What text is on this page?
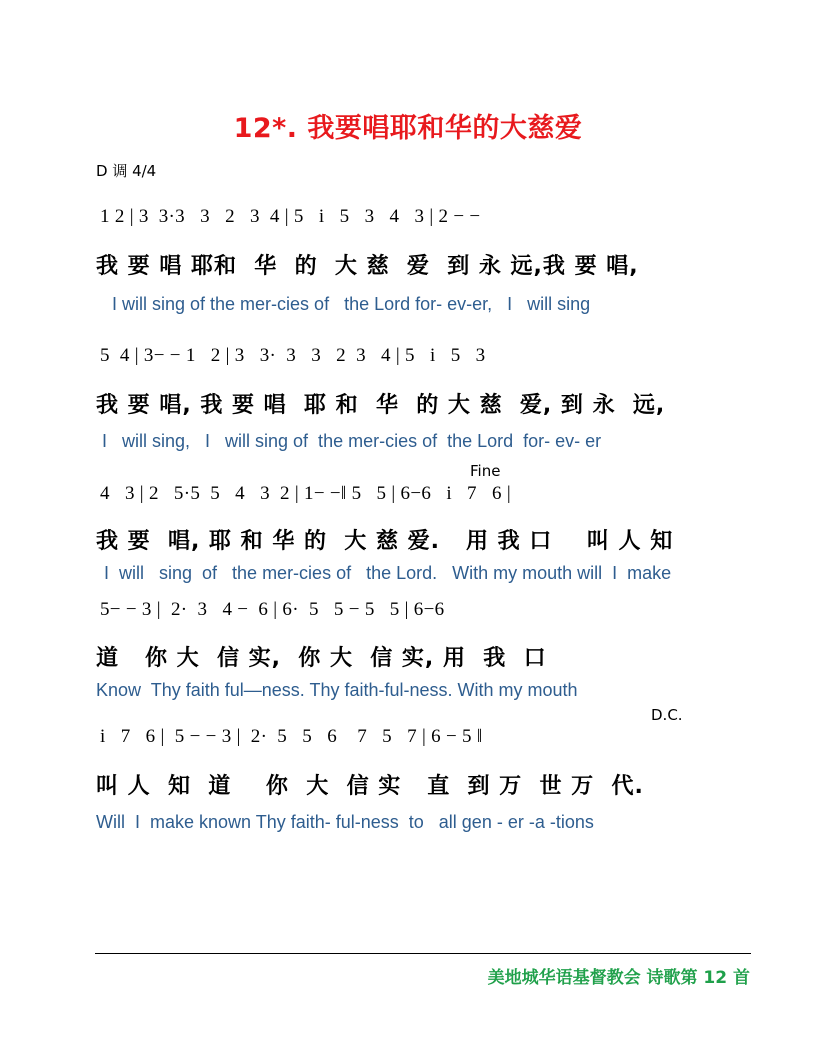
12*. 我要唱耶和华的大慈爱
D 调 4/4
1 2 | 3  3·3   3   2   3  4 | 5   i   5   3   4   3 | 2 − −
我 要 唱 耶和  华  的  大 慈  爱  到 永 远,我 要 唱,
I will sing of the mer-cies of   the Lord for- ev-er,   I   will sing
5  4 | 3− − 1   2 | 3   3·  3   3   2  3   4 | 5   i   5   3
我 要 唱, 我 要 唱  耶 和  华  的 大 慈  爱, 到 永  远,
I   will sing,   I   will sing of  the mer-cies of  the Lord  for- ev- er
Fine
4   3 | 2   5·5  5   4   3  2 | 1− −‖ 5   5 | 6−6   i   7   6 |
我 要  唱, 耶 和 华 的  大 慈 爱.   用 我 口    叫 人 知
I  will   sing  of   the mer-cies of   the Lord.   With my mouth will  I  make
5− − 3 |  2·  3   4 −  6 | 6·  5   5 − 5   5 | 6−6
道   你 大  信 实,  你 大  信 实, 用  我  口
Know  Thy faith ful—ness. Thy faith-ful-ness. With my mouth
D.C.
i   7   6 |  5 − − 3 |  2·  5   5   6    7   5   7 | 6 − 5 ‖
叫 人  知  道    你  大  信 实   直  到 万  世 万  代.
Will  I  make known Thy faith- ful-ness  to   all gen - er -a -tions
美地城华语基督教会 诗歌第 12 首
